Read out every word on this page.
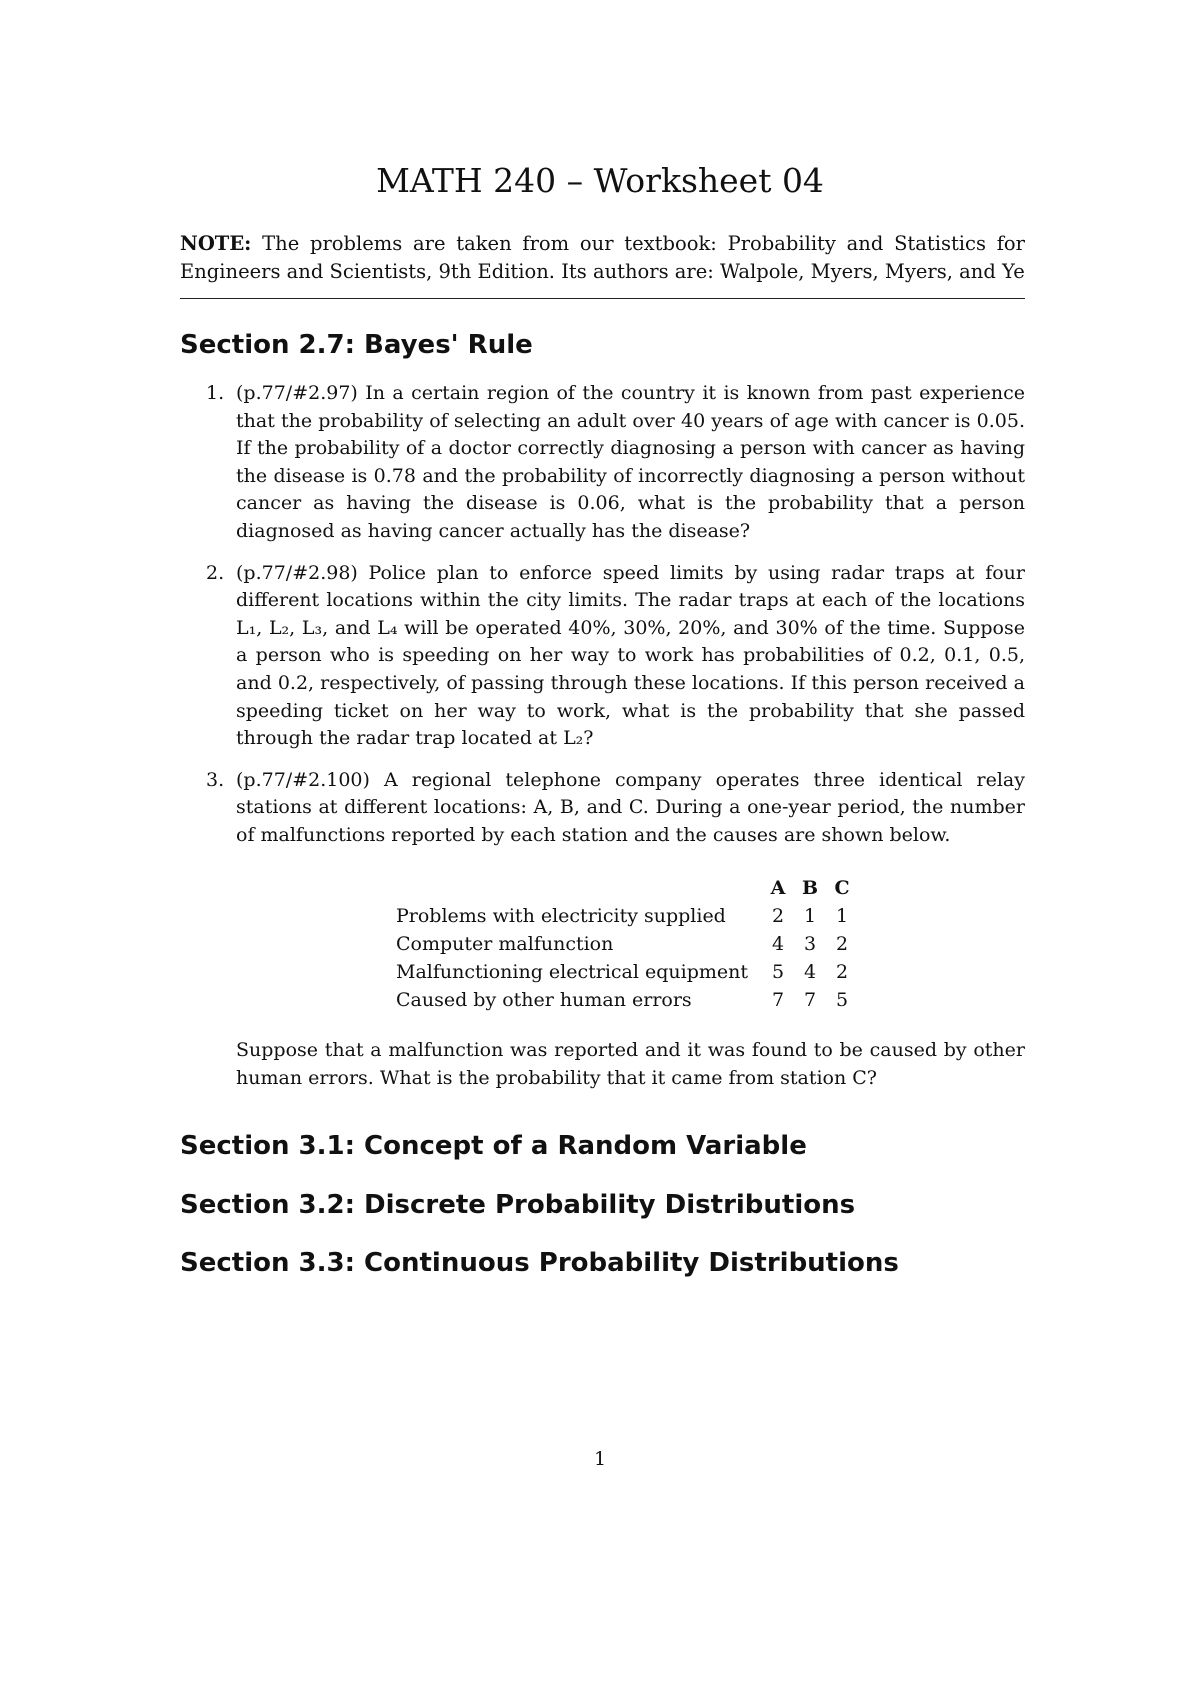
MATH 240 – Worksheet 04
NOTE: The problems are taken from our textbook: Probability and Statistics for Engineers and Scientists, 9th Edition. Its authors are: Walpole, Myers, Myers, and Ye
Section 2.7: Bayes' Rule
1. (p.77/#2.97) In a certain region of the country it is known from past experience that the probability of selecting an adult over 40 years of age with cancer is 0.05. If the probability of a doctor correctly diagnosing a person with cancer as having the disease is 0.78 and the probability of incorrectly diagnosing a person without cancer as having the disease is 0.06, what is the probability that a person diagnosed as having cancer actually has the disease?
2. (p.77/#2.98) Police plan to enforce speed limits by using radar traps at four different locations within the city limits. The radar traps at each of the locations L₁, L₂, L₃, and L₄ will be operated 40%, 30%, 20%, and 30% of the time. Suppose a person who is speeding on her way to work has probabilities of 0.2, 0.1, 0.5, and 0.2, respectively, of passing through these locations. If this person received a speeding ticket on her way to work, what is the probability that she passed through the radar trap located at L₂?
3. (p.77/#2.100) A regional telephone company operates three identical relay stations at different locations: A, B, and C. During a one-year period, the number of malfunctions reported by each station and the causes are shown below.
	A	B	C
Problems with electricity supplied	2	1	1
Computer malfunction	4	3	2
Malfunctioning electrical equipment	5	4	2
Caused by other human errors	7	7	5
Suppose that a malfunction was reported and it was found to be caused by other human errors. What is the probability that it came from station C?
Section 3.1: Concept of a Random Variable
Section 3.2: Discrete Probability Distributions
Section 3.3: Continuous Probability Distributions
1
